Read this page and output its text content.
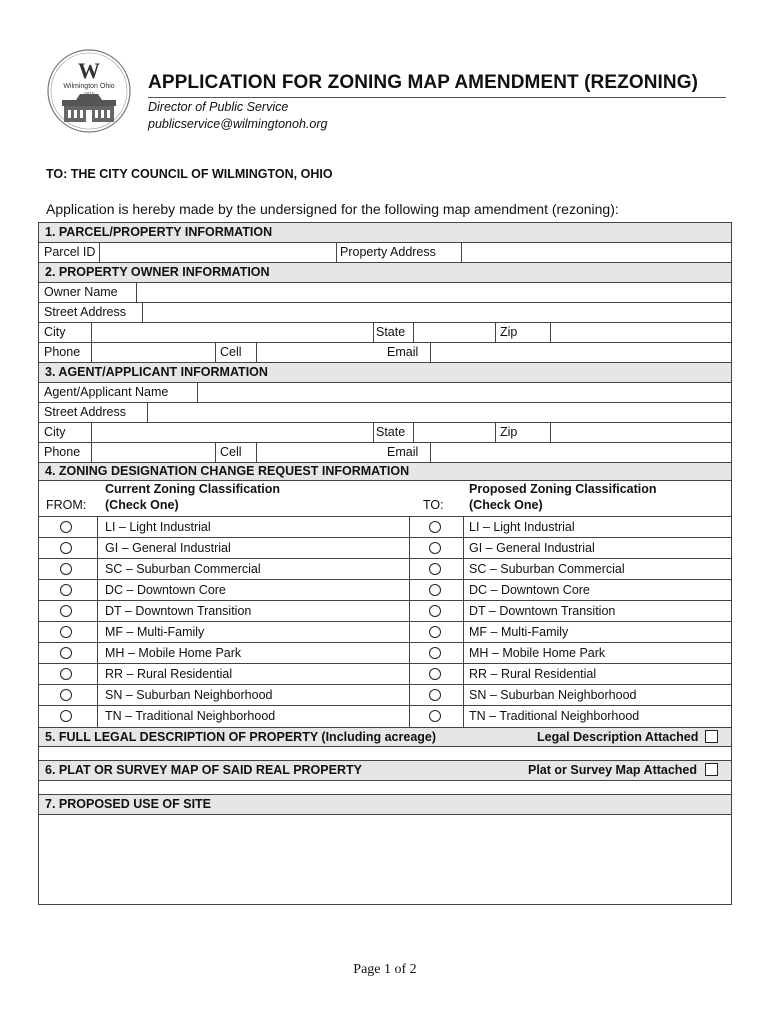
W
Wilmington Ohio APPLICATION FOR ZONING MAP AMENDMENT (REZONING)
Director of Public Service
publicservice@wilmingtonoh.org
TO: THE CITY COUNCIL OF WILMINGTON, OHIO
Application is hereby made by the undersigned for the following map amendment (rezoning):
1. PARCEL/PROPERTY INFORMATION
Parcel ID	Property Address
2. PROPERTY OWNER INFORMATION
Owner Name
Street Address
City	State	Zip
Phone	Cell	Email
3. AGENT/APPLICANT INFORMATION
Agent/Applicant Name
Street Address
City	State	Zip
Phone	Cell	Email
4. ZONING DESIGNATION CHANGE REQUEST INFORMATION
FROM:
Current Zoning Classification
(Check One)	TO:
Proposed Zoning Classification
(Check One)
LI – Light Industrial	LI – Light Industrial
GI – General Industrial	GI – General Industrial
SC – Suburban Commercial	SC – Suburban Commercial
DC – Downtown Core	DC – Downtown Core
DT – Downtown Transition	DT – Downtown Transition
MF – Multi-Family	MF – Multi-Family
MH – Mobile Home Park	MH – Mobile Home Park
RR – Rural Residential	RR – Rural Residential
SN – Suburban Neighborhood	SN – Suburban Neighborhood
TN – Traditional Neighborhood	TN – Traditional Neighborhood
5. FULL LEGAL DESCRIPTION OF PROPERTY (Including acreage)	Legal Description Attached
6. PLAT OR SURVEY MAP OF SAID REAL PROPERTY	Plat or Survey Map Attached
7. PROPOSED USE OF SITE
Page 1 of 2
